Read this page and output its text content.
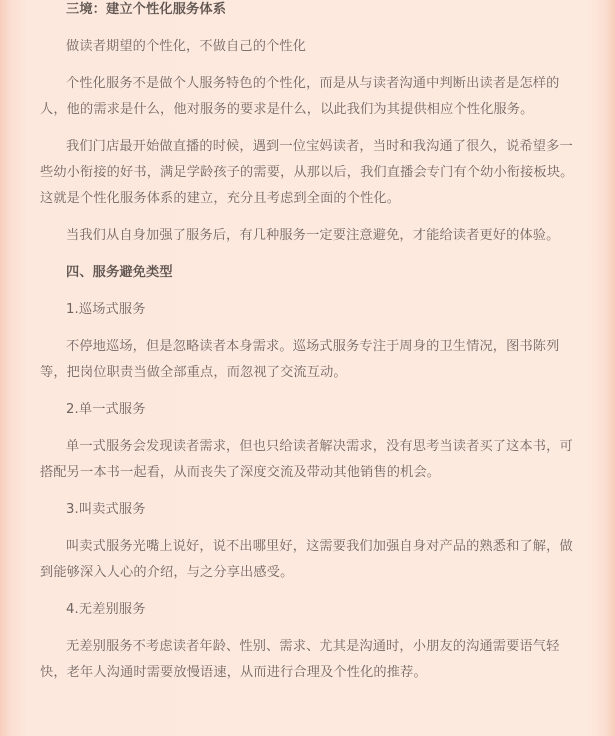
三境：建立个性化服务体系

做读者期望的个性化，不做自己的个性化

个性化服务不是做个人服务特色的个性化，而是从与读者沟通中判断出读者是怎样的人，他的需求是什么，他对服务的要求是什么，以此我们为其提供相应个性化服务。

我们门店最开始做直播的时候，遇到一位宝妈读者，当时和我沟通了很久，说希望多一些幼小衔接的好书，满足学龄孩子的需要，从那以后，我们直播会专门有个幼小衔接板块。这就是个性化服务体系的建立，充分且考虑到全面的个性化。

当我们从自身加强了服务后，有几种服务一定要注意避免，才能给读者更好的体验。

四、服务避免类型

1.巡场式服务

不停地巡场，但是忽略读者本身需求。巡场式服务专注于周身的卫生情况，图书陈列等，把岗位职责当做全部重点，而忽视了交流互动。

2.单一式服务

单一式服务会发现读者需求，但也只给读者解决需求，没有思考当读者买了这本书，可搭配另一本书一起看，从而丧失了深度交流及带动其他销售的机会。

3.叫卖式服务

叫卖式服务光嘴上说好，说不出哪里好，这需要我们加强自身对产品的熟悉和了解，做到能够深入人心的介绍，与之分享出感受。

4.无差别服务

无差别服务不考虑读者年龄、性别、需求、尤其是沟通时，小朋友的沟通需要语气轻快，老年人沟通时需要放慢语速，从而进行合理及个性化的推荐。
